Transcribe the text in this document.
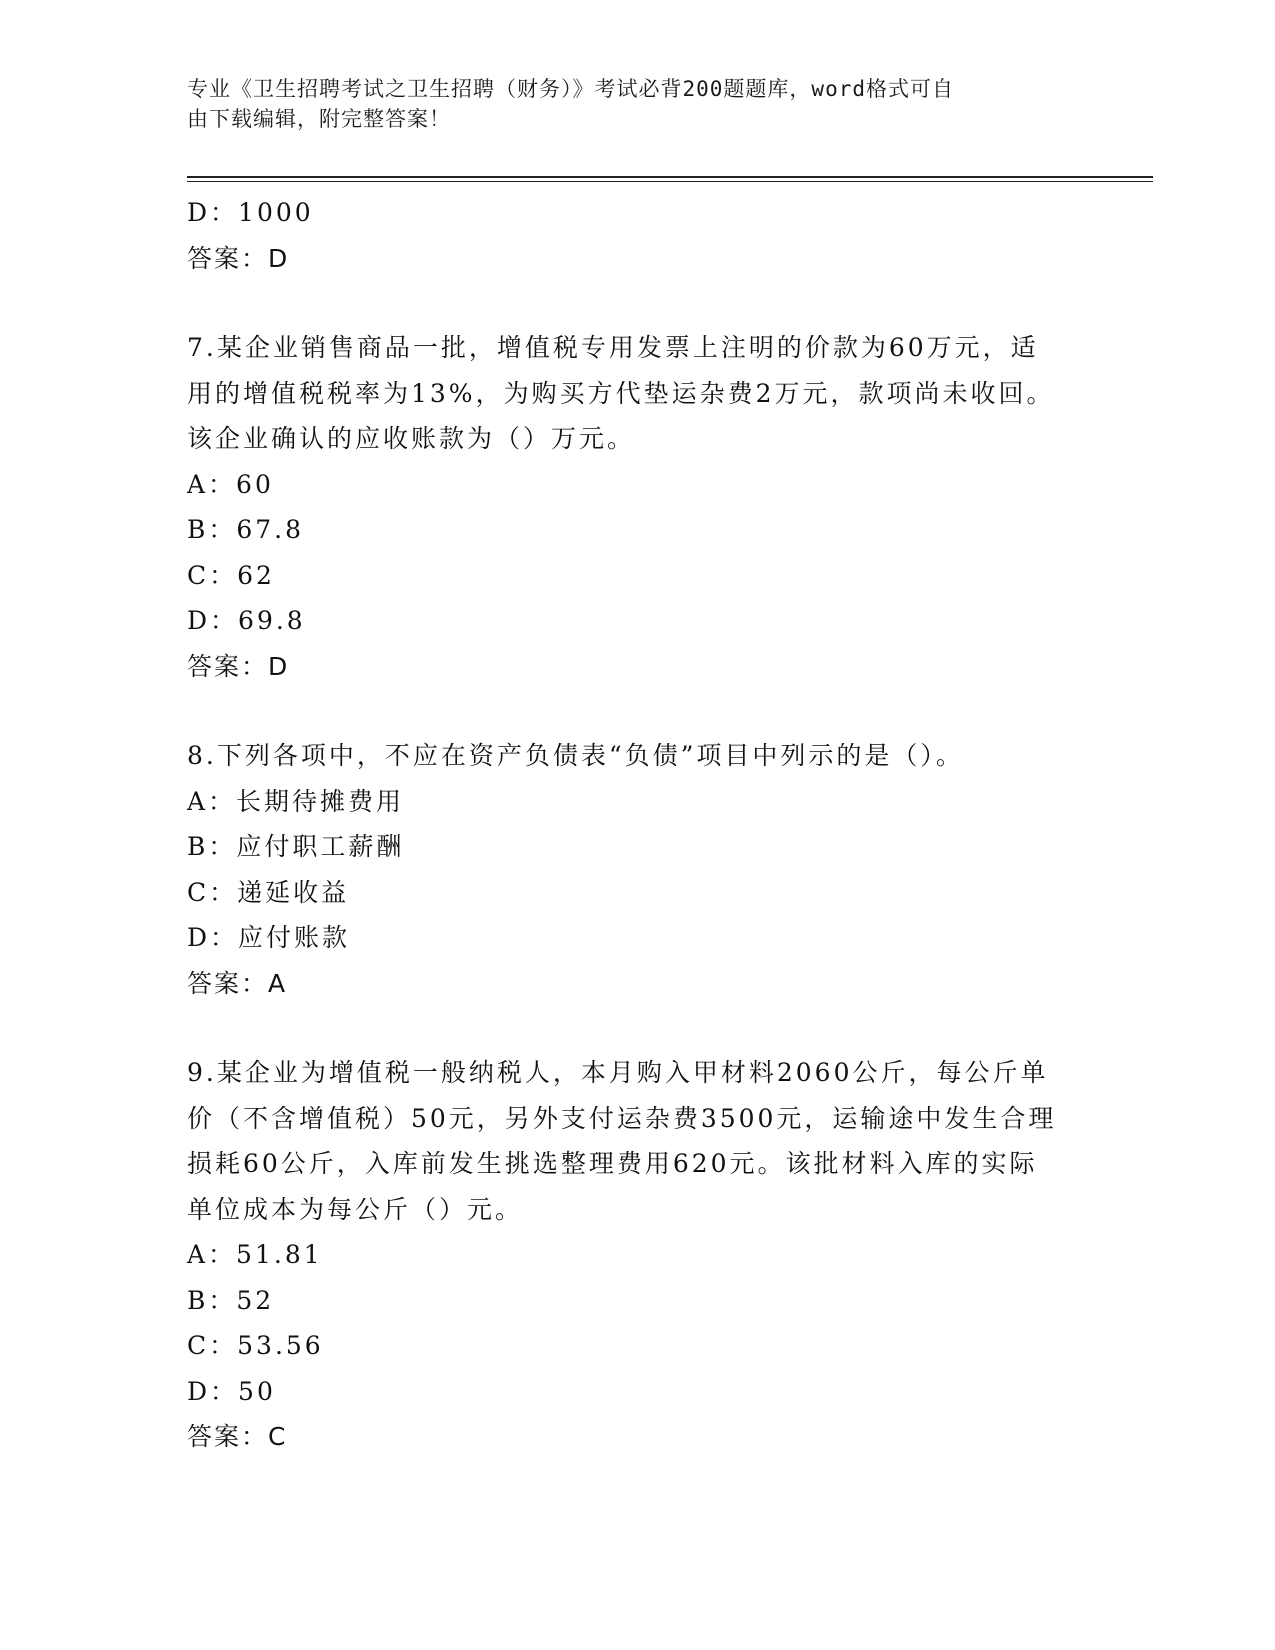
专业《卫生招聘考试之卫生招聘（财务）》考试必背200题题库，word格式可自
由下载编辑，附完整答案！
D：1000
答案：D
7.某企业销售商品一批，增值税专用发票上注明的价款为60万元，适
用的增值税税率为13%，为购买方代垫运杂费2万元，款项尚未收回。
该企业确认的应收账款为（）万元。
A：60
B：67.8
C：62
D：69.8
答案：D
8.下列各项中，不应在资产负债表“负债”项目中列示的是（）。
A：长期待摊费用
B：应付职工薪酬
C：递延收益
D：应付账款
答案：A
9.某企业为增值税一般纳税人，本月购入甲材料2060公斤，每公斤单
价（不含增值税）50元，另外支付运杂费3500元，运输途中发生合理
损耗60公斤，入库前发生挑选整理费用620元。该批材料入库的实际
单位成本为每公斤（）元。
A：51.81
B：52
C：53.56
D：50
答案：C
